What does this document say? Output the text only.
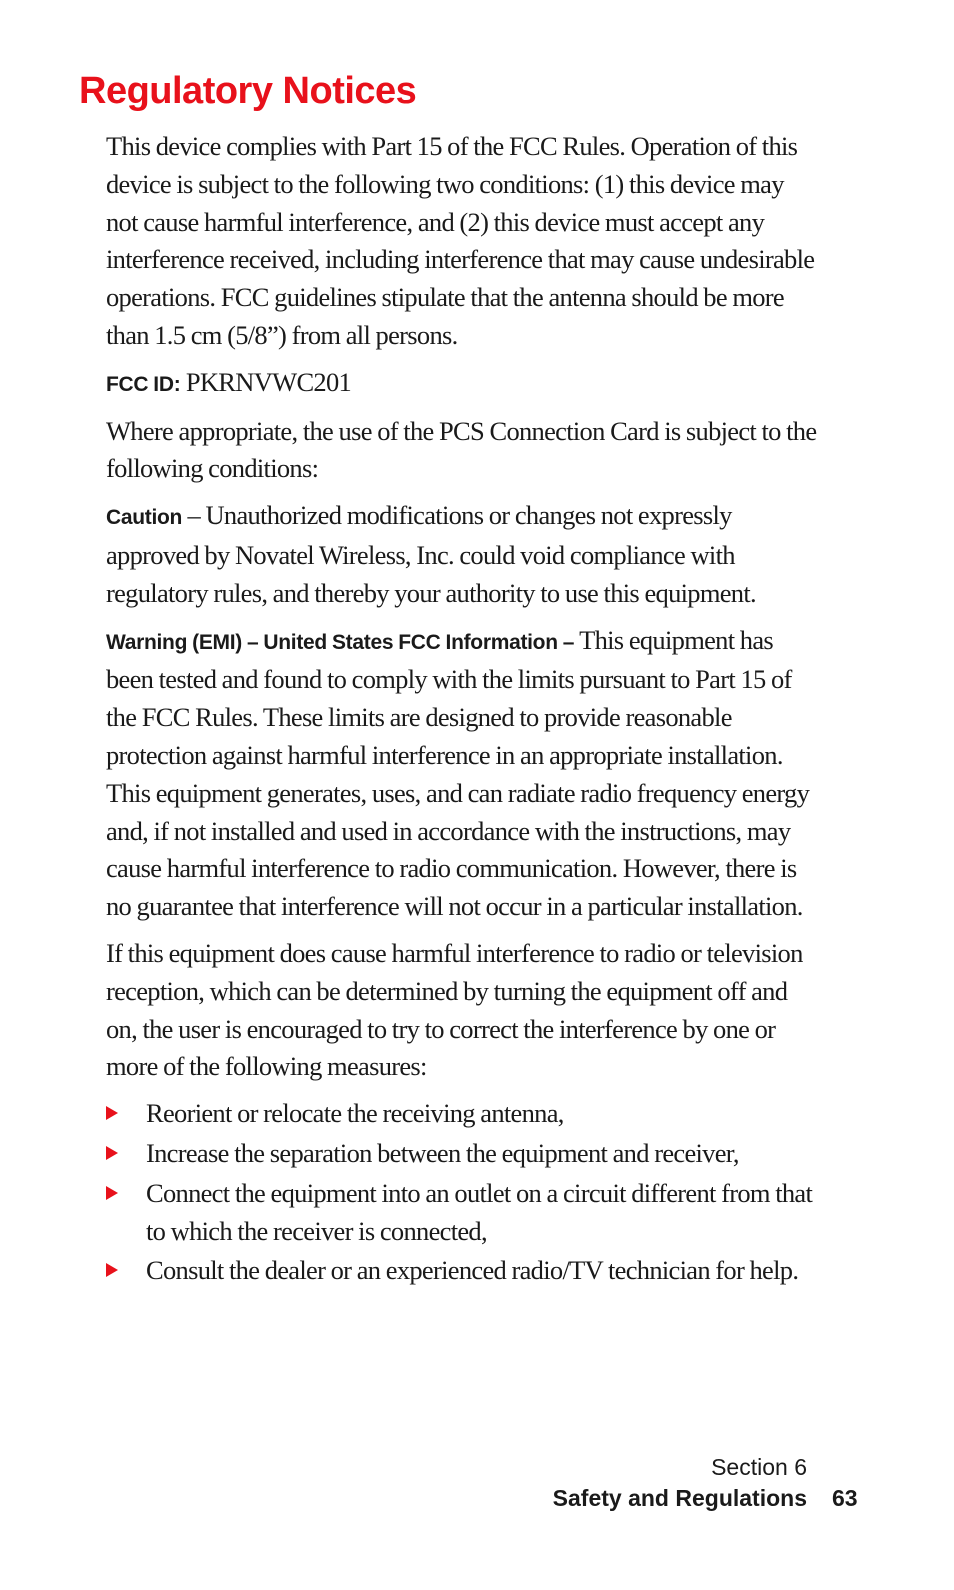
Regulatory Notices

This device complies with Part 15 of the FCC Rules. Operation of this device is subject to the following two conditions: (1) this device may not cause harmful interference, and (2) this device must accept any interference received, including interference that may cause undesirable operations. FCC guidelines stipulate that the antenna should be more than 1.5 cm (5/8”) from all persons.

FCC ID: PKRNVWC201

Where appropriate, the use of the PCS Connection Card is subject to the following conditions:

Caution – Unauthorized modifications or changes not expressly approved by Novatel Wireless, Inc. could void compliance with regulatory rules, and thereby your authority to use this equipment.

Warning (EMI) – United States FCC Information – This equipment has been tested and found to comply with the limits pursuant to Part 15 of the FCC Rules. These limits are designed to provide reasonable protection against harmful interference in an appropriate installation. This equipment generates, uses, and can radiate radio frequency energy and, if not installed and used in accordance with the instructions, may cause harmful interference to radio communication. However, there is no guarantee that interference will not occur in a particular installation.

If this equipment does cause harmful interference to radio or television reception, which can be determined by turning the equipment off and on, the user is encouraged to try to correct the interference by one or more of the following measures:

Reorient or relocate the receiving antenna,
Increase the separation between the equipment and receiver,
Connect the equipment into an outlet on a circuit different from that to which the receiver is connected,
Consult the dealer or an experienced radio/TV technician for help.

Section 6

Safety and Regulations 63
